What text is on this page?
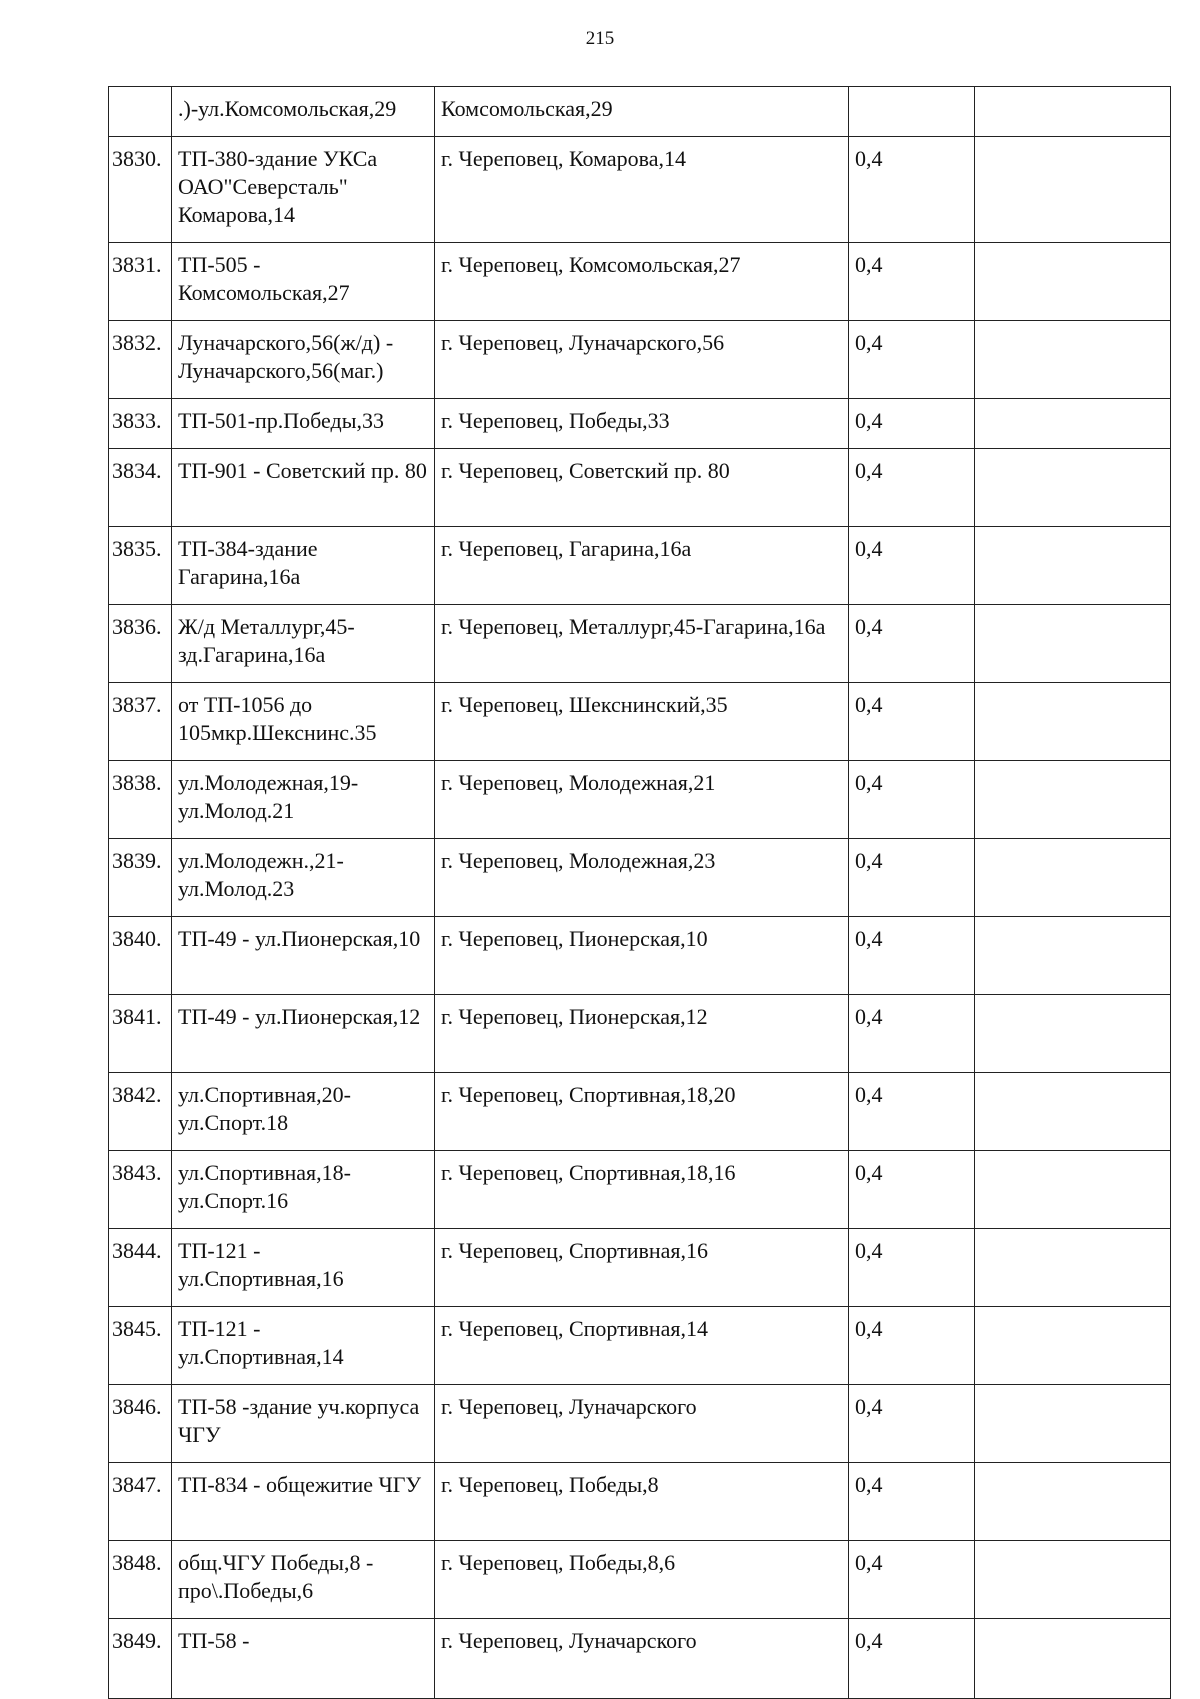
215
	.)-ул.Комсомольская,29	Комсомольская,29		
3830.	ТП-380-здание УКСа ОАО"Северсталь" Комарова,14	г. Череповец, Комарова,14	0,4	
3831.	ТП-505 - Комсомольская,27	г. Череповец, Комсомольская,27	0,4	
3832.	Луначарского,56(ж/д) - Луначарского,56(маг.)	г. Череповец, Луначарского,56	0,4	
3833.	ТП-501-пр.Победы,33	г. Череповец, Победы,33	0,4	
3834.	ТП-901 - Советский пр. 80	г. Череповец, Советский пр. 80	0,4	
3835.	ТП-384-здание Гагарина,16а	г. Череповец, Гагарина,16а	0,4	
3836.	Ж/д Металлург,45-зд.Гагарина,16а	г. Череповец, Металлург,45-Гагарина,16а	0,4	
3837.	от ТП-1056 до 105мкр.Шекснинс.35	г. Череповец, Шекснинский,35	0,4	
3838.	ул.Молодежная,19-ул.Молод.21	г. Череповец, Молодежная,21	0,4	
3839.	ул.Молодежн.,21-ул.Молод.23	г. Череповец, Молодежная,23	0,4	
3840.	ТП-49 - ул.Пионерская,10	г. Череповец, Пионерская,10	0,4	
3841.	ТП-49 - ул.Пионерская,12	г. Череповец, Пионерская,12	0,4	
3842.	ул.Спортивная,20-ул.Спорт.18	г. Череповец, Спортивная,18,20	0,4	
3843.	ул.Спортивная,18-ул.Спорт.16	г. Череповец, Спортивная,18,16	0,4	
3844.	ТП-121 - ул.Спортивная,16	г. Череповец, Спортивная,16	0,4	
3845.	ТП-121 - ул.Спортивная,14	г. Череповец, Спортивная,14	0,4	
3846.	ТП-58 -здание уч.корпуса ЧГУ	г. Череповец, Луначарского	0,4	
3847.	ТП-834 - общежитие ЧГУ	г. Череповец, Победы,8	0,4	
3848.	общ.ЧГУ Победы,8 - про\.Победы,6	г. Череповец, Победы,8,6	0,4	
3849.	ТП-58 -	г. Череповец, Луначарского	0,4	
